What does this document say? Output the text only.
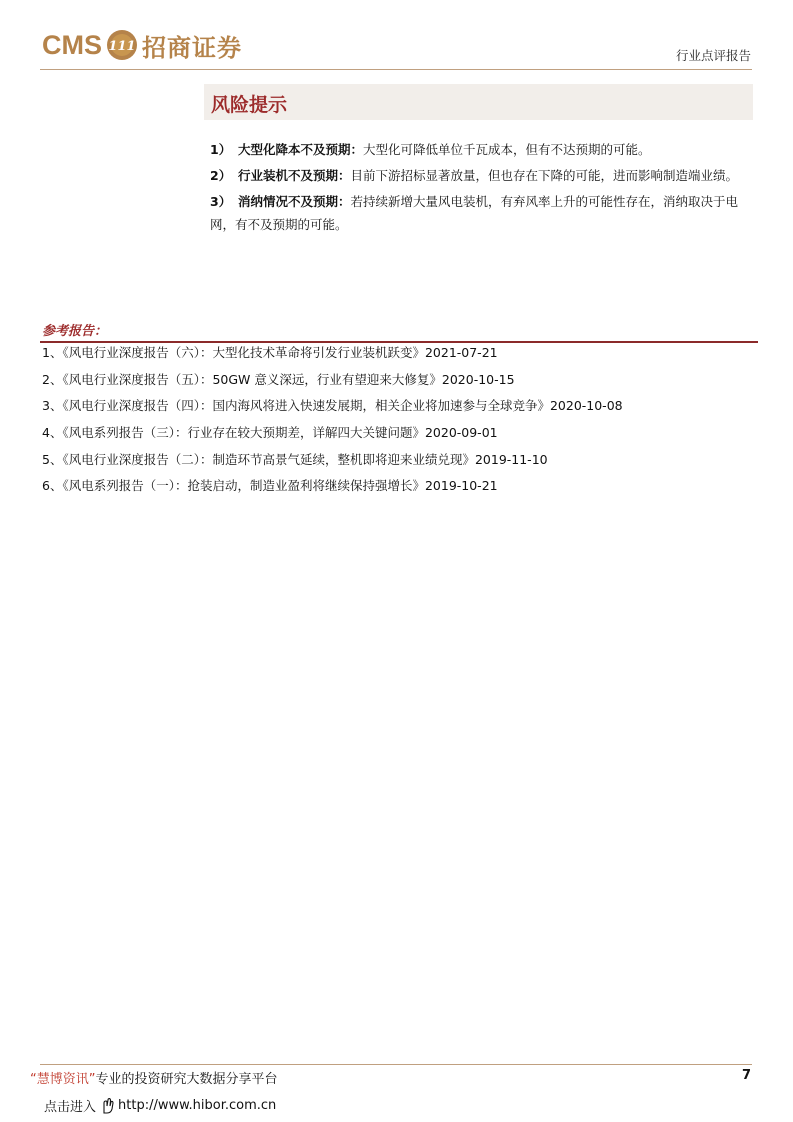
CMS 111 招商证券	行业点评报告
风险提示
1） 大型化降本不及预期：大型化可降低单位千瓦成本，但有不达预期的可能。
2） 行业装机不及预期：目前下游招标显著放量，但也存在下降的可能，进而影响制造端业绩。
3） 消纳情况不及预期：若持续新增大量风电装机，有弃风率上升的可能性存在，消纳取决于电网，有不及预期的可能。
参考报告：
1、《风电行业深度报告（六）：大型化技术革命将引发行业装机跃变》2021-07-21
2、《风电行业深度报告（五）：50GW 意义深远，行业有望迎来大修复》2020-10-15
3、《风电行业深度报告（四）：国内海风将进入快速发展期，相关企业将加速参与全球竞争》2020-10-08
4、《风电系列报告（三）：行业存在较大预期差，详解四大关键问题》2020-09-01
5、《风电行业深度报告（二）：制造环节高景气延续，整机即将迎来业绩兑现》2019-11-10
6、《风电系列报告（一）：抢装启动，制造业盈利将继续保持强增长》2019-10-21
“慧博资讯”专业的投资研究大数据分享平台
点击进入 http://www.hibor.com.cn
7
